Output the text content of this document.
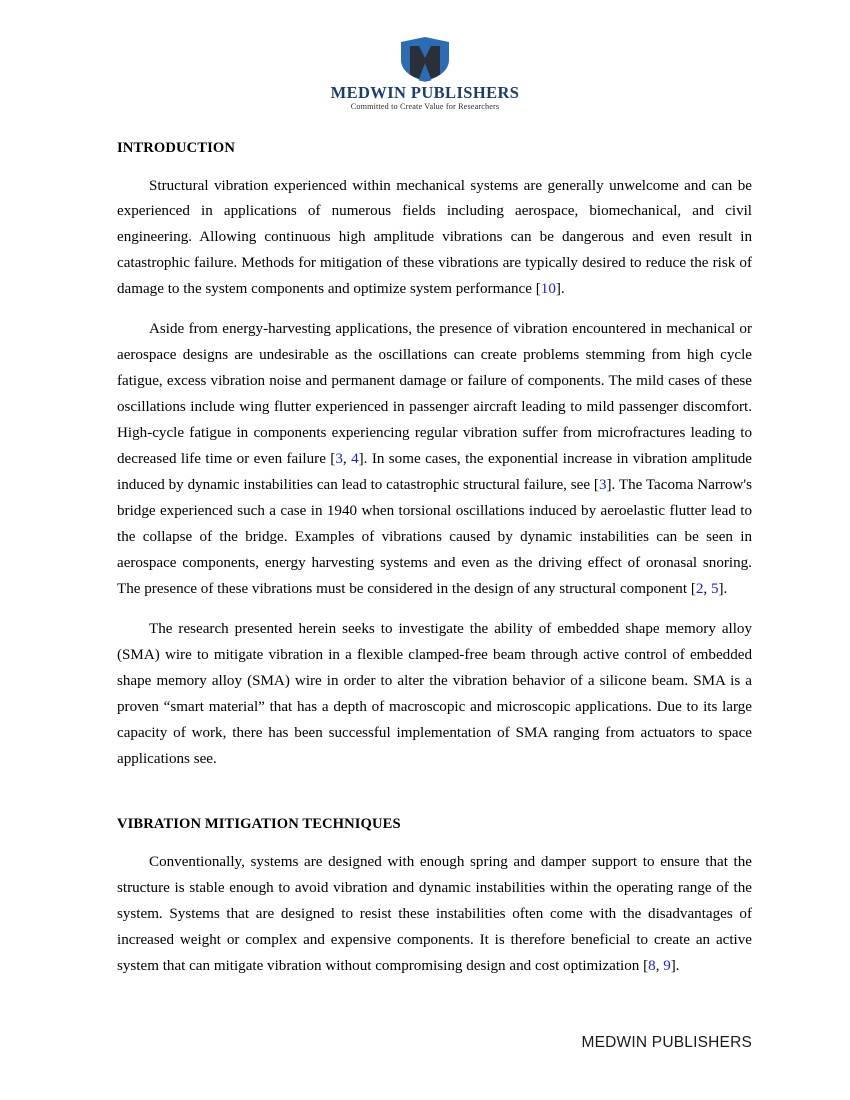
MEDWIN PUBLISHERS
Committed to Create Value for Researchers
INTRODUCTION

Structural vibration experienced within mechanical systems are generally unwelcome and can be experienced in applications of numerous fields including aerospace, biomechanical, and civil engineering. Allowing continuous high amplitude vibrations can be dangerous and even result in catastrophic failure. Methods for mitigation of these vibrations are typically desired to reduce the risk of damage to the system components and optimize system performance [10].

Aside from energy-harvesting applications, the presence of vibration encountered in mechanical or aerospace designs are undesirable as the oscillations can create problems stemming from high cycle fatigue, excess vibration noise and permanent damage or failure of components. The mild cases of these oscillations include wing flutter experienced in passenger aircraft leading to mild passenger discomfort. High-cycle fatigue in components experiencing regular vibration suffer from microfractures leading to decreased life time or even failure [3, 4]. In some cases, the exponential increase in vibration amplitude induced by dynamic instabilities can lead to catastrophic structural failure, see [3]. The Tacoma Narrow's bridge experienced such a case in 1940 when torsional oscillations induced by aeroelastic flutter lead to the collapse of the bridge. Examples of vibrations caused by dynamic instabilities can be seen in aerospace components, energy harvesting systems and even as the driving effect of oronasal snoring. The presence of these vibrations must be considered in the design of any structural component [2, 5].

The research presented herein seeks to investigate the ability of embedded shape memory alloy (SMA) wire to mitigate vibration in a flexible clamped-free beam through active control of embedded shape memory alloy (SMA) wire in order to alter the vibration behavior of a silicone beam. SMA is a proven “smart material” that has a depth of macroscopic and microscopic applications. Due to its large capacity of work, there has been successful implementation of SMA ranging from actuators to space applications see.

VIBRATION MITIGATION TECHNIQUES

Conventionally, systems are designed with enough spring and damper support to ensure that the structure is stable enough to avoid vibration and dynamic instabilities within the operating range of the system. Systems that are designed to resist these instabilities often come with the disadvantages of increased weight or complex and expensive components. It is therefore beneficial to create an active system that can mitigate vibration without compromising design and cost optimization [8, 9].

MEDWIN PUBLISHERS
